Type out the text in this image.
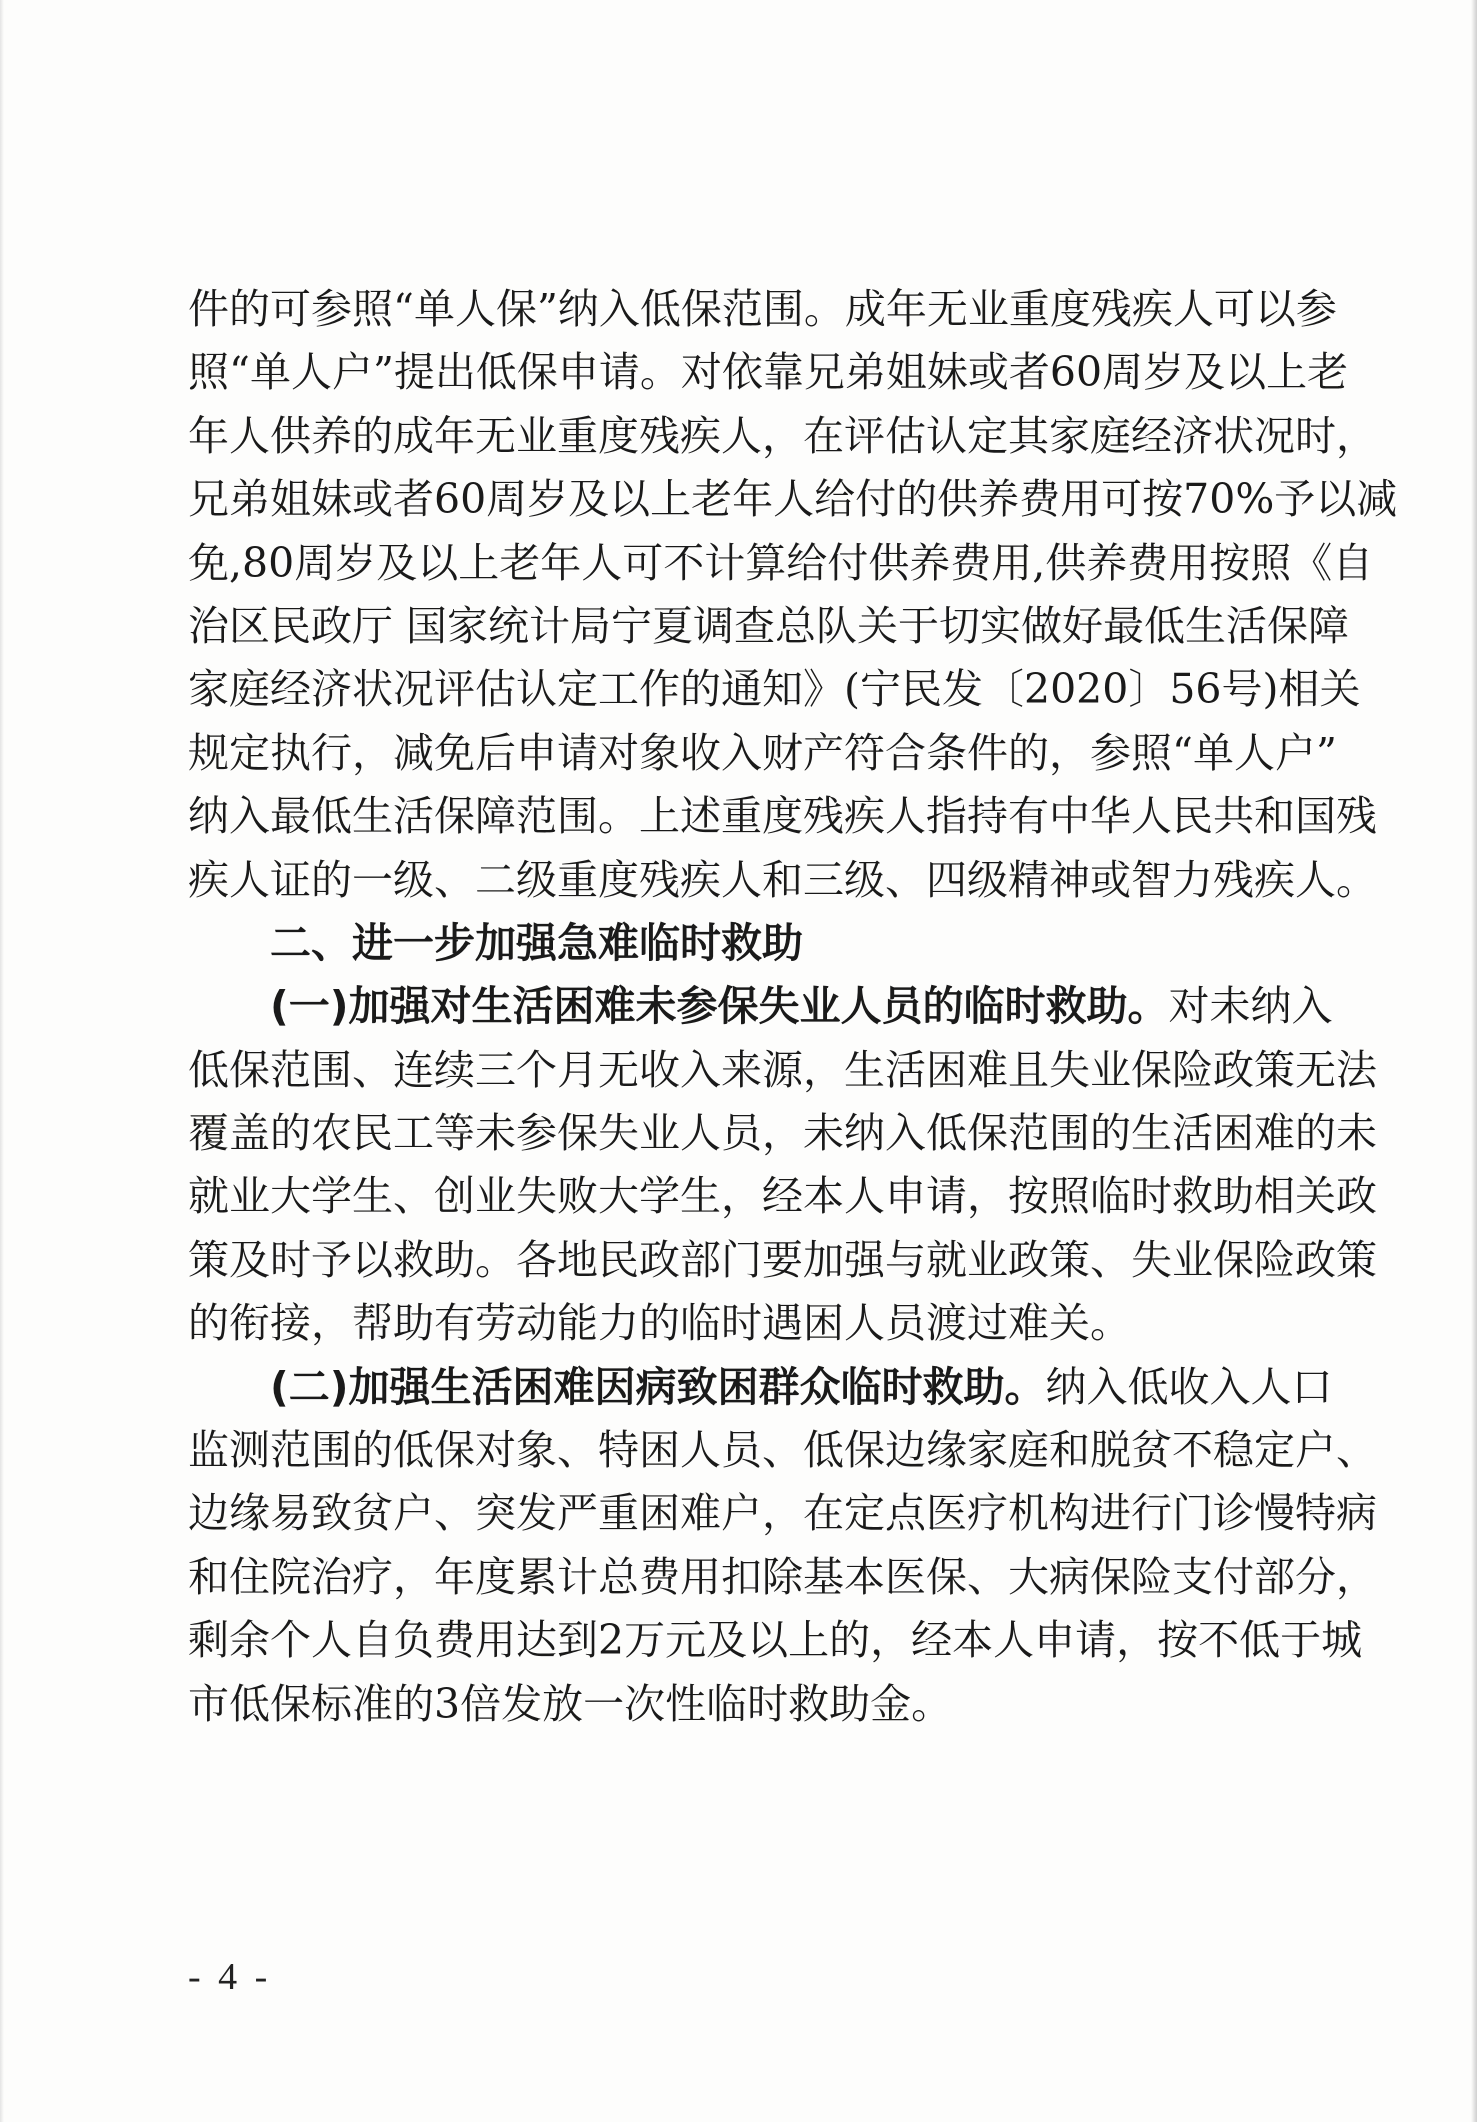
件的可参照“单人保”纳入低保范围。成年无业重度残疾人可以参
照“单人户”提出低保申请。对依靠兄弟姐妹或者60周岁及以上老
年人供养的成年无业重度残疾人，在评估认定其家庭经济状况时，
兄弟姐妹或者60周岁及以上老年人给付的供养费用可按70%予以减
免,80周岁及以上老年人可不计算给付供养费用,供养费用按照《自
治区民政厅 国家统计局宁夏调查总队关于切实做好最低生活保障
家庭经济状况评估认定工作的通知》(宁民发〔2020〕56号)相关
规定执行，减免后申请对象收入财产符合条件的，参照“单人户”
纳入最低生活保障范围。上述重度残疾人指持有中华人民共和国残
疾人证的一级、二级重度残疾人和三级、四级精神或智力残疾人。
二、进一步加强急难临时救助
(一)加强对生活困难未参保失业人员的临时救助。对未纳入
低保范围、连续三个月无收入来源，生活困难且失业保险政策无法
覆盖的农民工等未参保失业人员，未纳入低保范围的生活困难的未
就业大学生、创业失败大学生，经本人申请，按照临时救助相关政
策及时予以救助。各地民政部门要加强与就业政策、失业保险政策
的衔接，帮助有劳动能力的临时遇困人员渡过难关。
(二)加强生活困难因病致困群众临时救助。纳入低收入人口
监测范围的低保对象、特困人员、低保边缘家庭和脱贫不稳定户、
边缘易致贫户、突发严重困难户，在定点医疗机构进行门诊慢特病
和住院治疗，年度累计总费用扣除基本医保、大病保险支付部分，
剩余个人自负费用达到2万元及以上的，经本人申请，按不低于城
市低保标准的3倍发放一次性临时救助金。
- 4 -
